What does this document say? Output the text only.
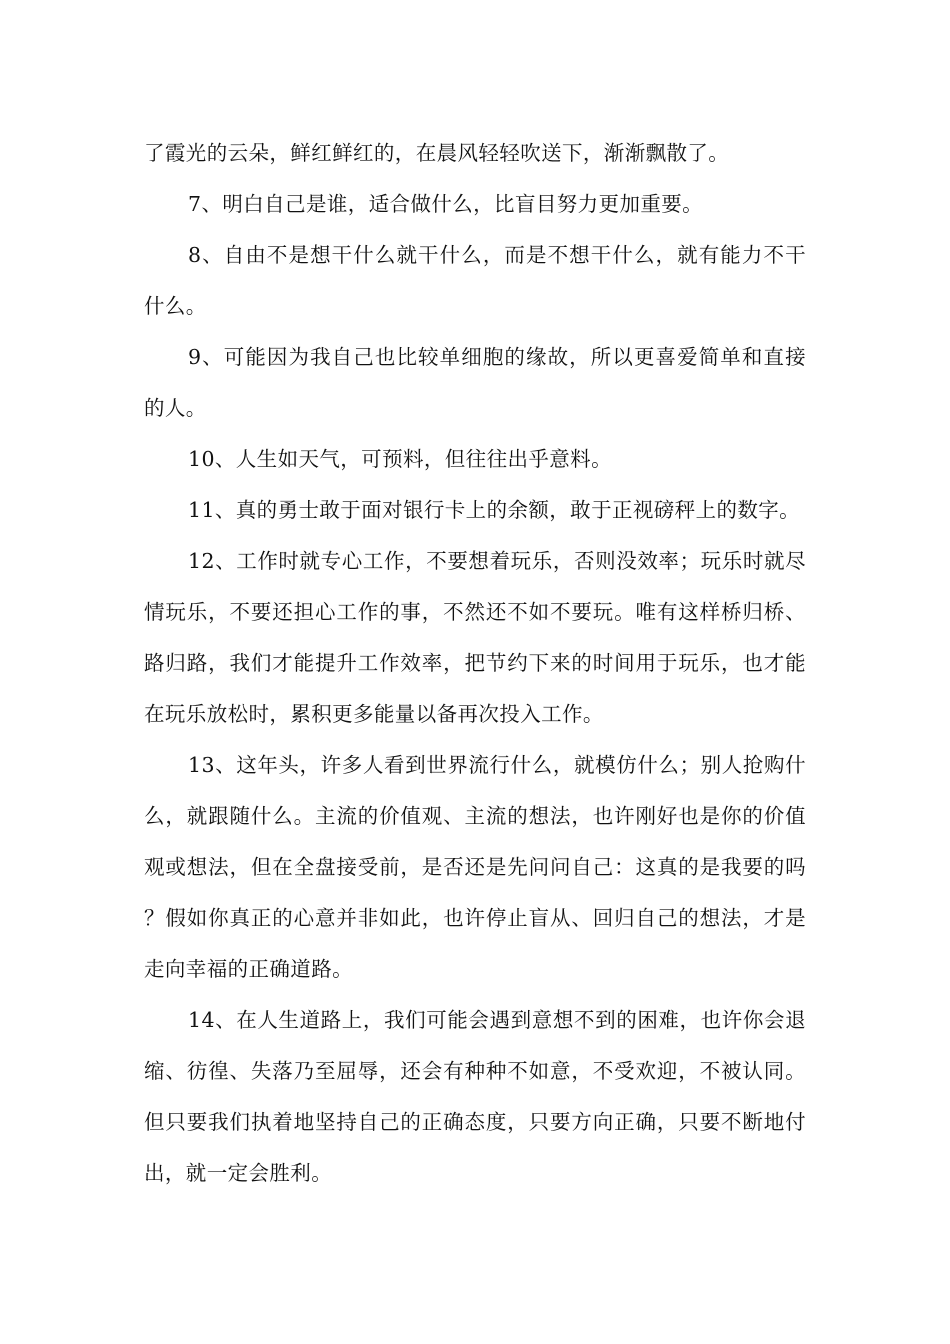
了霞光的云朵，鲜红鲜红的，在晨风轻轻吹送下，渐渐飘散了。

7、明白自己是谁，适合做什么，比盲目努力更加重要。

8、自由不是想干什么就干什么，而是不想干什么，就有能力不干什么。

9、可能因为我自己也比较单细胞的缘故，所以更喜爱简单和直接的人。

10、人生如天气，可预料，但往往出乎意料。

11、真的勇士敢于面对银行卡上的余额，敢于正视磅秤上的数字。

12、工作时就专心工作，不要想着玩乐，否则没效率；玩乐时就尽情玩乐，不要还担心工作的事，不然还不如不要玩。唯有这样桥归桥、路归路，我们才能提升工作效率，把节约下来的时间用于玩乐，也才能在玩乐放松时，累积更多能量以备再次投入工作。

13、这年头，许多人看到世界流行什么，就模仿什么；别人抢购什么，就跟随什么。主流的价值观、主流的想法，也许刚好也是你的价值观或想法，但在全盘接受前，是否还是先问问自己：这真的是我要的吗？假如你真正的心意并非如此，也许停止盲从、回归自己的想法，才是走向幸福的正确道路。

14、在人生道路上，我们可能会遇到意想不到的困难，也许你会退缩、彷徨、失落乃至屈辱，还会有种种不如意，不受欢迎，不被认同。但只要我们执着地坚持自己的正确态度，只要方向正确，只要不断地付出，就一定会胜利。
